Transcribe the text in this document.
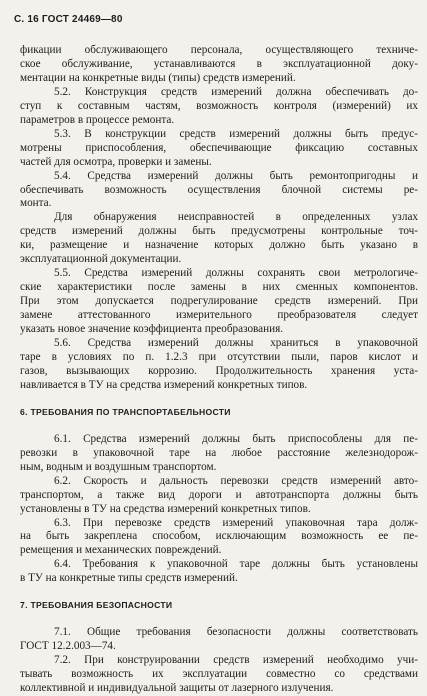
С. 16 ГОСТ 24469—80

фикации обслуживающего персонала, осуществляющего техниче-
ское обслуживание, устанавливаются в эксплуатационной доку-
ментации на конкретные виды (типы) средств измерений.

5.2. Конструкция средств измерений должна обеспечивать до-
ступ к составным частям, возможность контроля (измерений) их
параметров в процессе ремонта.

5.3. В конструкции средств измерений должны быть предус-
мотрены приспособления, обеспечивающие фиксацию составных
частей для осмотра, проверки и замены.

5.4. Средства измерений должны быть ремонтопригодны и
обеспечивать возможность осуществления блочной системы ре-
монта.

Для обнаружения неисправностей в определенных узлах
средств измерений должны быть предусмотрены контрольные точ-
ки, размещение и назначение которых должно быть указано в
эксплуатационной документации.

5.5. Средства измерений должны сохранять свои метрологиче-
ские характеристики после замены в них сменных компонентов.
При этом допускается подрегулирование средств измерений. При
замене аттестованного измерительного преобразователя следует
указать новое значение коэффициента преобразования.

5.6. Средства измерений должны храниться в упаковочной
таре в условиях по п. 1.2.3 при отсутствии пыли, паров кислот и
газов, вызывающих коррозию. Продолжительность хранения уста-
навливается в ТУ на средства измерений конкретных типов.

6. ТРЕБОВАНИЯ ПО ТРАНСПОРТАБЕЛЬНОСТИ

6.1. Средства измерений должны быть приспособлены для пе-
ревозки в упаковочной таре на любое расстояние железнодорож-
ным, водным и воздушным транспортом.

6.2. Скорость и дальность перевозки средств измерений авто-
транспортом, а также вид дороги и автотранспорта должны быть
установлены в ТУ на средства измерений конкретных типов.

6.3. При перевозке средств измерений упаковочная тара долж-
на быть закреплена способом, исключающим возможность ее пе-
ремещения и механических повреждений.

6.4. Требования к упаковочной таре должны быть установлены
в ТУ на конкретные типы средств измерений.

7. ТРЕБОВАНИЯ БЕЗОПАСНОСТИ

7.1. Общие требования безопасности должны соответствовать
ГОСТ 12.2.003—74.

7.2. При конструировании средств измерений необходимо учи-
тывать возможность их эксплуатации совместно со средствами
коллективной и индивидуальной защиты от лазерного излучения.
